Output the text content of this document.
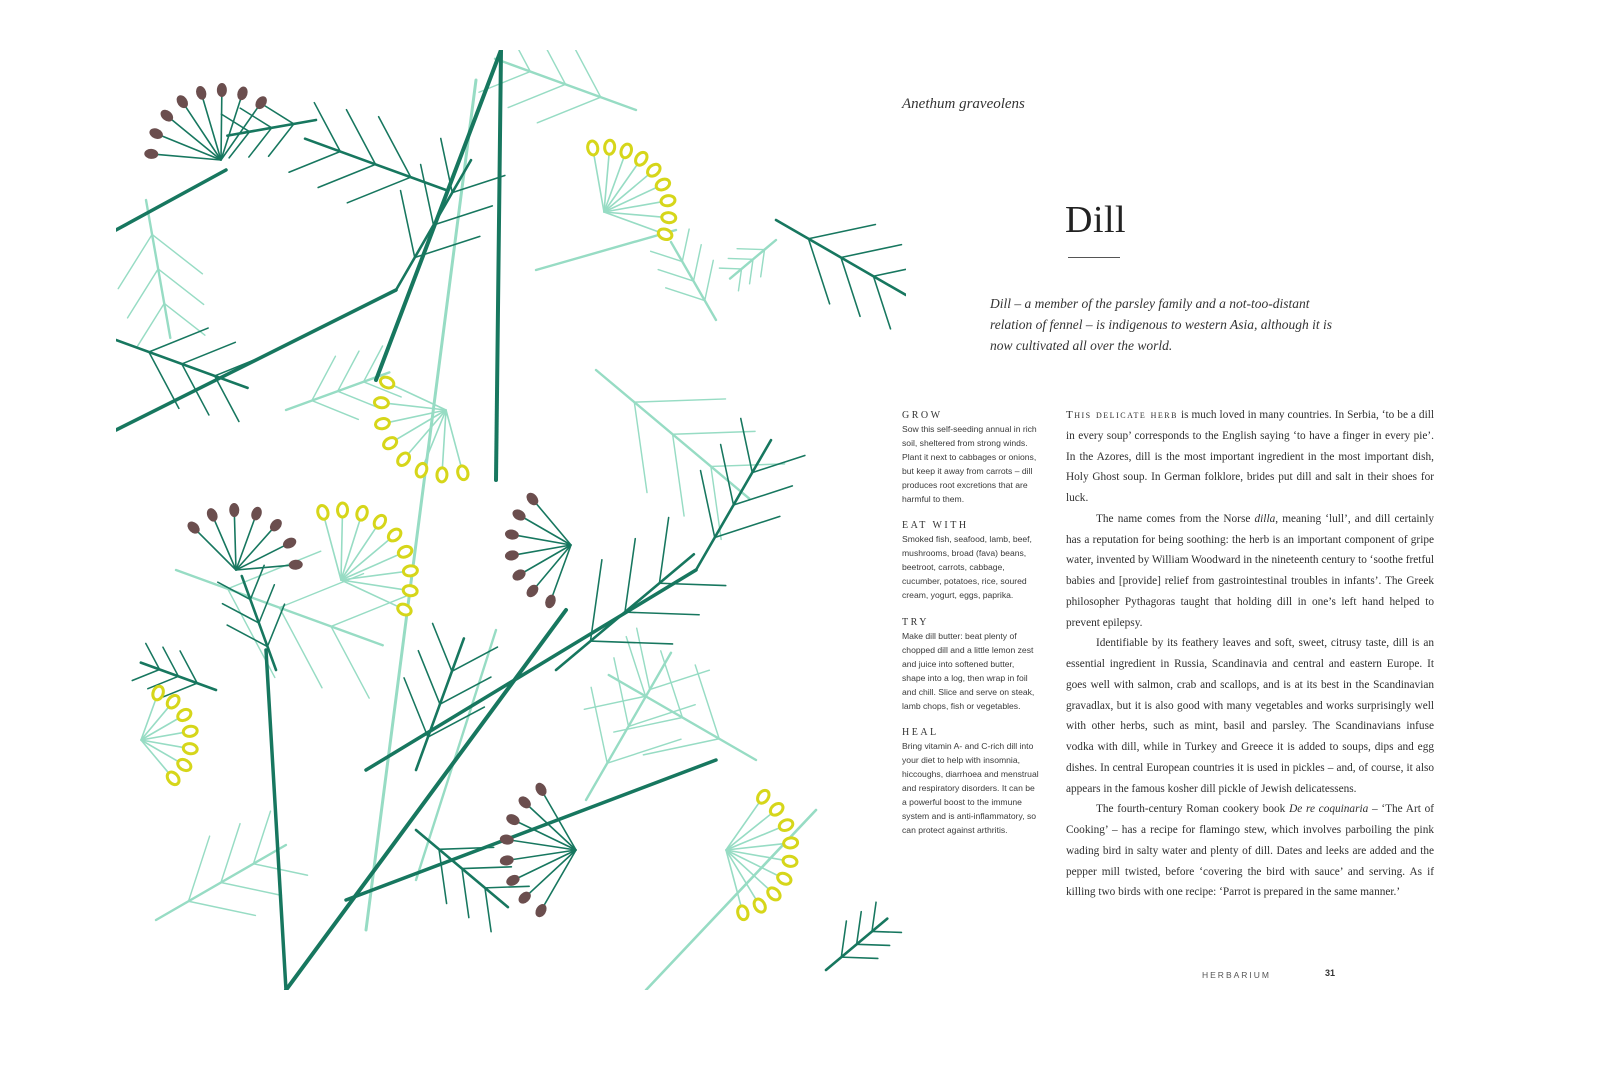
Anethum graveolens
Dill
Dill – a member of the parsley family and a not-too-distant relation of fennel – is indigenous to western Asia, although it is now cultivated all over the world.
GROW
Sow this self-seeding annual in rich soil, sheltered from strong winds. Plant it next to cabbages or onions, but keep it away from carrots – dill produces root excretions that are harmful to them.
EAT WITH
Smoked fish, seafood, lamb, beef, mushrooms, broad (fava) beans, beetroot, carrots, cabbage, cucumber, potatoes, rice, soured cream, yogurt, eggs, paprika.
TRY
Make dill butter: beat plenty of chopped dill and a little lemon zest and juice into softened butter, shape into a log, then wrap in foil and chill. Slice and serve on steak, lamb chops, fish or vegetables.
HEAL
Bring vitamin A- and C-rich dill into your diet to help with insomnia, hiccoughs, diarrhoea and menstrual and respiratory disorders. It can be a powerful boost to the immune system and is anti-inflammatory, so can protect against arthritis.

This delicate herb is much loved in many countries. In Serbia, ‘to be a dill in every soup’ corresponds to the English saying ‘to have a finger in every pie’. In the Azores, dill is the most important ingredient in the most important dish, Holy Ghost soup. In German folklore, brides put dill and salt in their shoes for luck.

The name comes from the Norse dilla, meaning ‘lull’, and dill certainly has a reputation for being soothing: the herb is an important component of gripe water, invented by William Woodward in the nineteenth century to ‘soothe fretful babies and [provide] relief from gastrointestinal troubles in infants’. The Greek philosopher Pythagoras taught that holding dill in one’s left hand helped to prevent epilepsy.

Identifiable by its feathery leaves and soft, sweet, citrusy taste, dill is an essential ingredient in Russia, Scandinavia and central and eastern Europe. It goes well with salmon, crab and scallops, and is at its best in the Scandinavian gravadlax, but it is also good with many vegetables and works surprisingly well with other herbs, such as mint, basil and parsley. The Scandinavians infuse vodka with dill, while in Turkey and Greece it is added to soups, dips and egg dishes. In central European countries it is used in pickles – and, of course, it also appears in the famous kosher dill pickle of Jewish delicatessens.

The fourth-century Roman cookery book De re coquinaria – ‘The Art of Cooking’ – has a recipe for flamingo stew, which involves parboiling the pink wading bird in salty water and plenty of dill. Dates and leeks are added and the pepper mill twisted, before ‘covering the bird with sauce’ and serving. As if killing two birds with one recipe: ‘Parrot is prepared in the same manner.’

HERBARIUM	31
